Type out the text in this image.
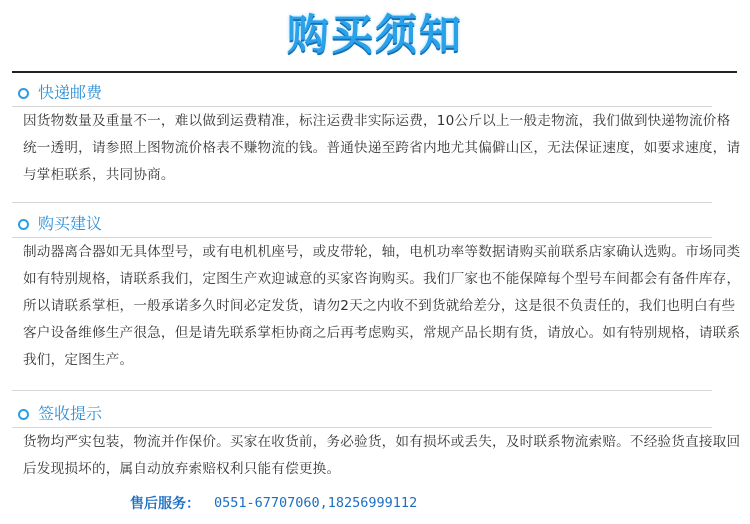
购买须知
快递邮费
因货物数量及重量不一，难以做到运费精准，标注运费非实际运费，10公斤以上一般走物流，我们做到快递物流价格统一透明，请参照上图物流价格表不赚物流的钱。普通快递至跨省内地尤其偏僻山区，无法保证速度，如要求速度，请与掌柜联系，共同协商。
购买建议
制动器离合器如无具体型号，或有电机机座号，或皮带轮，轴，电机功率等数据请购买前联系店家确认选购。市场同类如有特别规格，请联系我们，定图生产欢迎诚意的买家咨询购买。我们厂家也不能保障每个型号车间都会有备件库存，所以请联系掌柜，一般承诺多久时间必定发货，请勿2天之内收不到货就给差分，这是很不负责任的，我们也明白有些客户设备维修生产很急，但是请先联系掌柜协商之后再考虑购买，常规产品长期有货，请放心。如有特别规格，请联系我们，定图生产。
签收提示
货物均严实包装，物流并作保价。买家在收货前，务必验货，如有损坏或丢失，及时联系物流索赔。不经验货直接取回后发现损坏的，属自动放弃索赔权利只能有偿更换。
售后服务： 0551-67707060,18256999112
